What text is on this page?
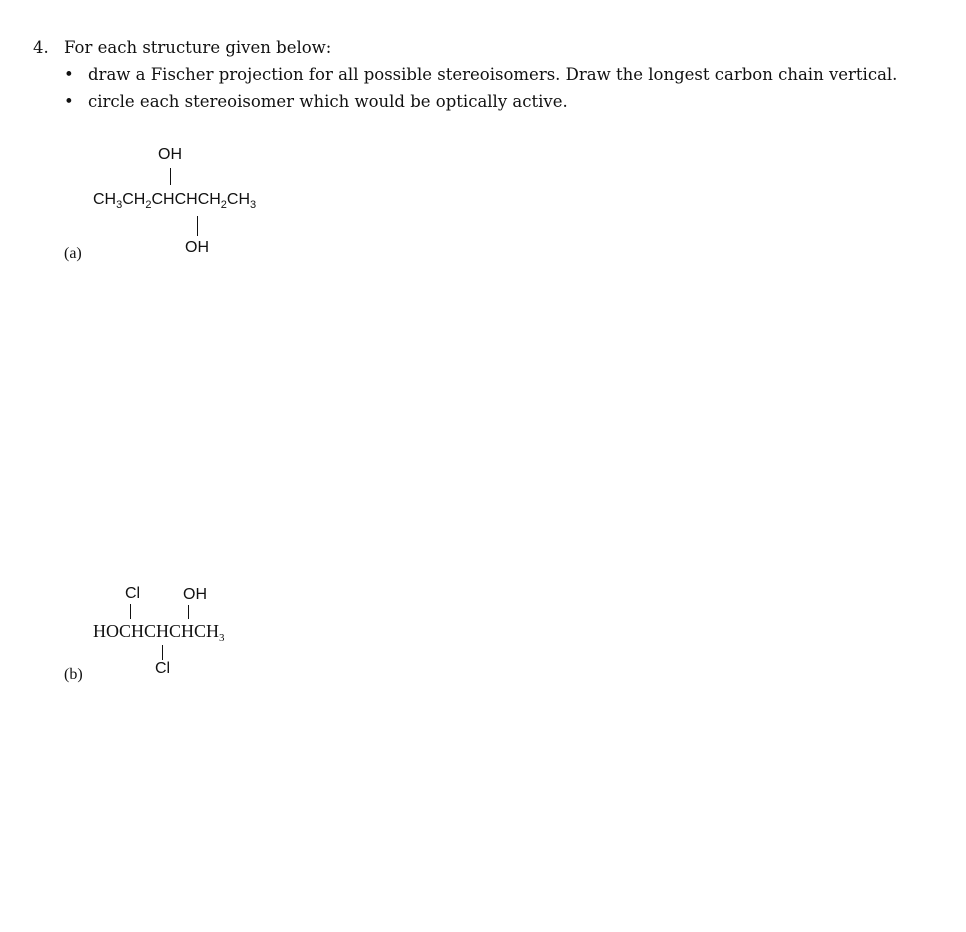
4. For each structure given below:
• draw a Fischer projection for all possible stereoisomers. Draw the longest carbon chain vertical.
• circle each stereoisomer which would be optically active.
OH
$CH_3CH_2CHCHCH_2CH_3$
OH
(a)
Cl	OH
$HOCHCHCHCH_3$
Cl
(b)
